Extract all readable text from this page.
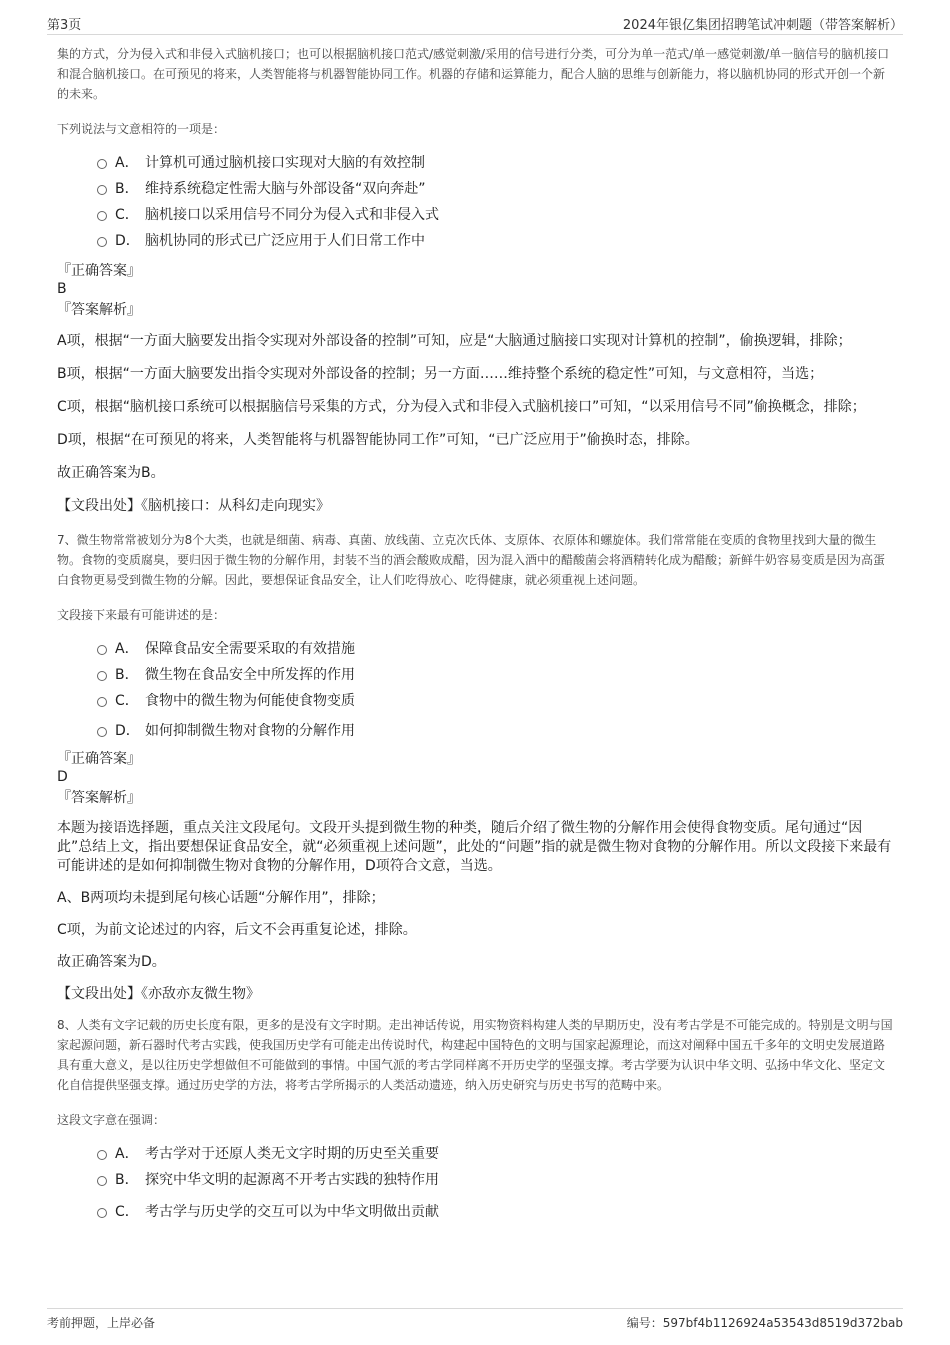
第3页	2024年银亿集团招聘笔试冲刺题（带答案解析）

集的方式，分为侵入式和非侵入式脑机接口；也可以根据脑机接口范式/感觉刺激/采用的信号进行分类，可分为单一范式/单一感觉刺激/单一脑信号的脑机接口和混合脑机接口。在可预见的将来，人类智能将与机器智能协同工作。机器的存储和运算能力，配合人脑的思维与创新能力，将以脑机协同的形式开创一个新的未来。

下列说法与文意相符的一项是：

A． 计算机可通过脑机接口实现对大脑的有效控制
B． 维持系统稳定性需大脑与外部设备“双向奔赴”
C． 脑机接口以采用信号不同分为侵入式和非侵入式
D． 脑机协同的形式已广泛应用于人们日常工作中

『正确答案』

B

『答案解析』

A项，根据“一方面大脑要发出指令实现对外部设备的控制”可知，应是“大脑通过脑接口实现对计算机的控制”，偷换逻辑，排除；

B项，根据“一方面大脑要发出指令实现对外部设备的控制；另一方面……维持整个系统的稳定性”可知，与文意相符，当选；

C项，根据“脑机接口系统可以根据脑信号采集的方式，分为侵入式和非侵入式脑机接口”可知，“以采用信号不同”偷换概念，排除；

D项，根据“在可预见的将来，人类智能将与机器智能协同工作”可知，“已广泛应用于”偷换时态，排除。

故正确答案为B。

【文段出处】《脑机接口：从科幻走向现实》

7、微生物常常被划分为8个大类，也就是细菌、病毒、真菌、放线菌、立克次氏体、支原体、衣原体和螺旋体。我们常常能在变质的食物里找到大量的微生物。食物的变质腐臭，要归因于微生物的分解作用，封装不当的酒会酸败成醋，因为混入酒中的醋酸菌会将酒精转化成为醋酸；新鲜牛奶容易变质是因为高蛋白食物更易受到微生物的分解。因此，要想保证食品安全，让人们吃得放心、吃得健康，就必须重视上述问题。

文段接下来最有可能讲述的是：

A． 保障食品安全需要采取的有效措施
B． 微生物在食品安全中所发挥的作用
C． 食物中的微生物为何能使食物变质
D． 如何抑制微生物对食物的分解作用

『正确答案』

D

『答案解析』

本题为接语选择题，重点关注文段尾句。文段开头提到微生物的种类，随后介绍了微生物的分解作用会使得食物变质。尾句通过“因此”总结上文，指出要想保证食品安全，就“必须重视上述问题”，此处的“问题”指的就是微生物对食物的分解作用。所以文段接下来最有可能讲述的是如何抑制微生物对食物的分解作用，D项符合文意，当选。

A、B两项均未提到尾句核心话题“分解作用”，排除；

C项，为前文论述过的内容，后文不会再重复论述，排除。

故正确答案为D。

【文段出处】《亦敌亦友微生物》

8、人类有文字记载的历史长度有限，更多的是没有文字时期。走出神话传说，用实物资料构建人类的早期历史，没有考古学是不可能完成的。特别是文明与国家起源问题，新石器时代考古实践，使我国历史学有可能走出传说时代，构建起中国特色的文明与国家起源理论，而这对阐释中国五千多年的文明史发展道路具有重大意义，是以往历史学想做但不可能做到的事情。中国气派的考古学同样离不开历史学的坚强支撑。考古学要为认识中华文明、弘扬中华文化、坚定文化自信提供坚强支撑。通过历史学的方法，将考古学所揭示的人类活动遗迹，纳入历史研究与历史书写的范畴中来。

这段文字意在强调：

A． 考古学对于还原人类无文字时期的历史至关重要
B． 探究中华文明的起源离不开考古实践的独特作用
C． 考古学与历史学的交互可以为中华文明做出贡献
考前押题，上岸必备	编号：597bf4b1126924a53543d8519d372bab
